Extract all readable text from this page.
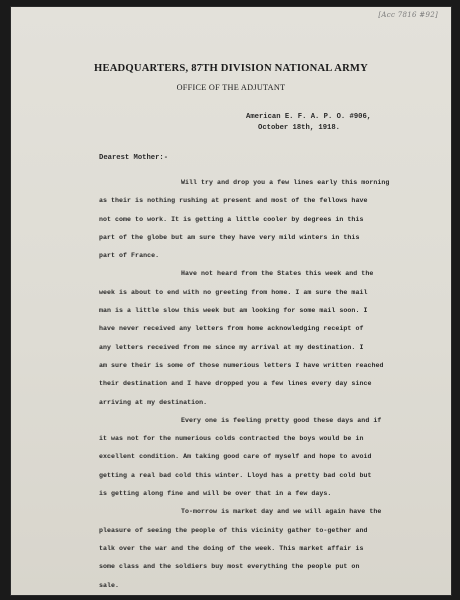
[Acc 7816 #92]
HEADQUARTERS, 87TH DIVISION NATIONAL ARMY
OFFICE OF THE ADJUTANT
American E. F. A. P. O. #906,
October 18th, 1918.
Dearest Mother:-
Will try and drop you a few lines early this morning
as their is nothing rushing at present and most of the fellows have
not come to work. It is getting a little cooler by degrees in this
part of the globe but am sure they have very mild winters in this
part of France.
Have not heard from the States this week and the
week is about to end with no greeting from home. I am sure the mail
man is a little slow this week but am looking for some mail soon. I
have never received any letters from home acknowledging receipt of
any letters received from me since my arrival at my destination. I
am sure their is some of those numerious letters I have written reached
their destination and I have dropped you a few lines every day since
arriving at my destination.
Every one is feeling pretty good these days and if
it was not for the numerious colds contracted the boys would be in
excellent condition. Am taking good care of myself and hope to avoid
getting a real bad cold this winter. Lloyd has a pretty bad cold but
is getting along fine and will be over that in a few days.
To-morrow is market day and we will again have the
pleasure of seeing the people of this vicinity gather to-gether and
talk over the war and the doing of the week. This market affair is
some class and the soldiers buy most everything the people put on
sale.
